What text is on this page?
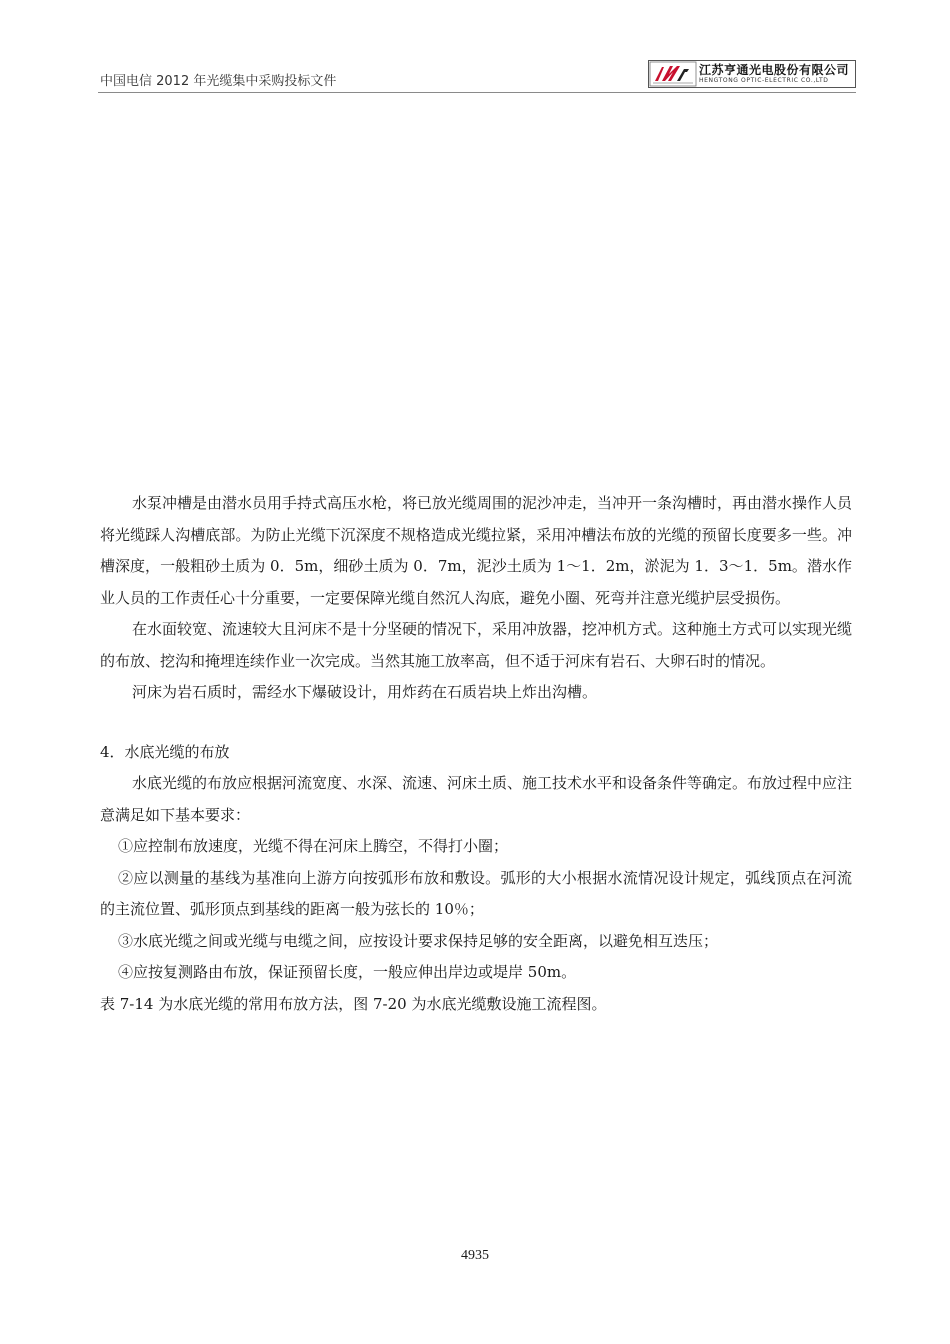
中国电信 2012 年光缆集中采购投标文件
江苏亨通光电股份有限公司
HENGTONG OPTIC-ELECTRIC CO.,LTD

水泵冲槽是由潜水员用手持式高压水枪，将已放光缆周围的泥沙冲走，当冲开一条沟槽时，再由潜水操作人员将光缆踩人沟槽底部。为防止光缆下沉深度不规格造成光缆拉紧，采用冲槽法布放的光缆的预留长度要多一些。冲槽深度，一般粗砂土质为 0．5m，细砂土质为 0．7m，泥沙土质为 1～1．2m，淤泥为 1．3～1．5m。潜水作业人员的工作责任心十分重要，一定要保障光缆自然沉人沟底，避免小圈、死弯并注意光缆护层受损伤。

在水面较宽、流速较大且河床不是十分坚硬的情况下，采用冲放器，挖冲机方式。这种施土方式可以实现光缆的布放、挖沟和掩埋连续作业一次完成。当然其施工放率高，但不适于河床有岩石、大卵石时的情况。

河床为岩石质时，需经水下爆破设计，用炸药在石质岩块上炸出沟槽。

4．水底光缆的布放

水底光缆的布放应根据河流宽度、水深、流速、河床土质、施工技术水平和设备条件等确定。布放过程中应注意满足如下基本要求：

①应控制布放速度，光缆不得在河床上腾空，不得打小圈；

②应以测量的基线为基准向上游方向按弧形布放和敷设。弧形的大小根据水流情况设计规定，弧线顶点在河流的主流位置、弧形顶点到基线的距离一般为弦长的 10％；

③水底光缆之间或光缆与电缆之间，应按设计要求保持足够的安全距离，以避免相互迭压；

④应按复测路由布放，保证预留长度，一般应伸出岸边或堤岸 50m。

表 7-14 为水底光缆的常用布放方法，图 7-20 为水底光缆敷设施工流程图。

4935
